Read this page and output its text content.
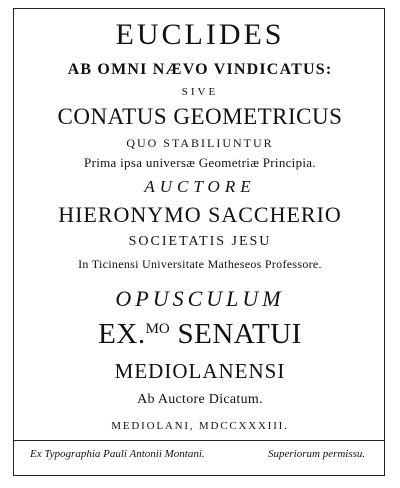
EUCLIDES
AB OMNI NÆVO VINDICATUS:
SIVE
CONATUS GEOMETRICUS
QUO STABILIUNTUR
Prima ipsa universæ Geometriæ Principia.
AUCTORE
HIERONYMO SACCHERIO
SOCIETATIS JESU
In Ticinensi Universitate Matheseos Professore.
OPUSCULUM
EX.$^{MO}$ SENATUI
MEDIOLANENSI
Ab Auctore Dicatum.
MEDIOLANI, MDCCXXXIII.
Ex Typographia Pauli Antonii Montani.	Superiorum permissu.
